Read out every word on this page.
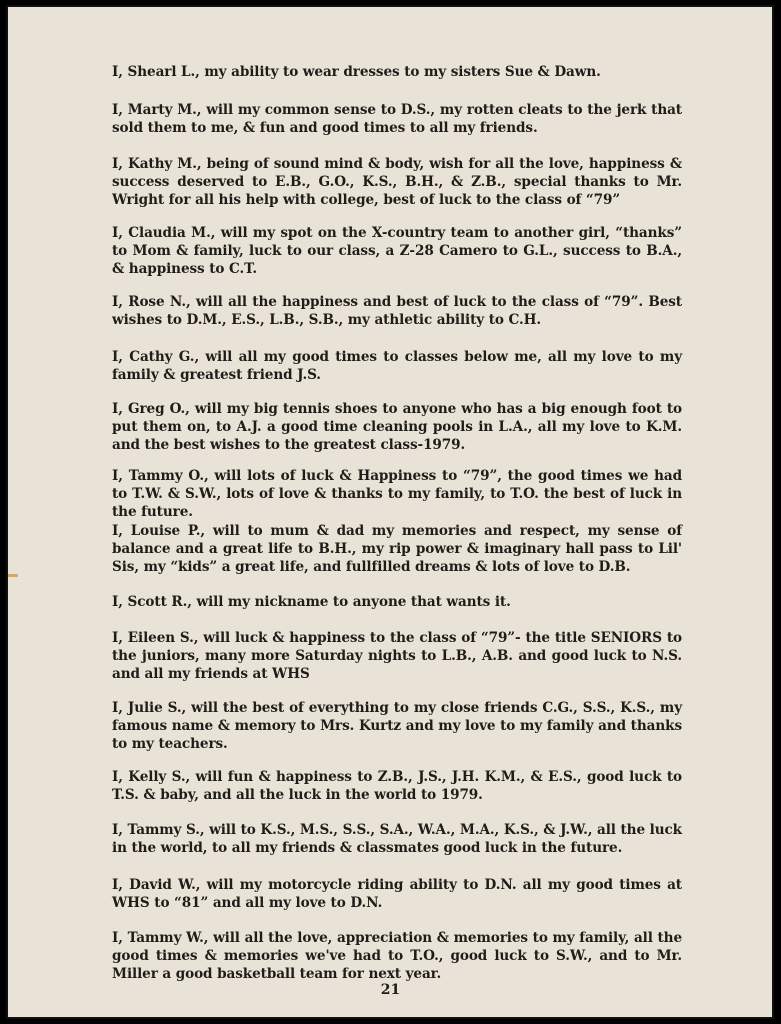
I, Shearl L., my ability to wear dresses to my sisters Sue & Dawn.

I, Marty M., will my common sense to D.S., my rotten cleats to the jerk that sold them to me, & fun and good times to all my friends.

I, Kathy M., being of sound mind & body, wish for all the love, happiness & success deserved to E.B., G.O., K.S., B.H., & Z.B., special thanks to Mr. Wright for all his help with college, best of luck to the class of “79”

I, Claudia M., will my spot on the X-country team to another girl, “thanks” to Mom & family, luck to our class, a Z-28 Camero to G.L., success to B.A., & happiness to C.T.

I, Rose N., will all the happiness and best of luck to the class of “79”. Best wishes to D.M., E.S., L.B., S.B., my athletic ability to C.H.

I, Cathy G., will all my good times to classes below me, all my love to my family & greatest friend J.S.

I, Greg O., will my big tennis shoes to anyone who has a big enough foot to put them on, to A.J. a good time cleaning pools in L.A., all my love to K.M. and the best wishes to the greatest class-1979.

I, Tammy O., will lots of luck & Happiness to “79”, the good times we had to T.W. & S.W., lots of love & thanks to my family, to T.O. the best of luck in the future.

I, Louise P., will to mum & dad my memories and respect, my sense of balance and a great life to B.H., my rip power & imaginary hall pass to Lil' Sis, my “kids” a great life, and fullfilled dreams & lots of love to D.B.

I, Scott R., will my nickname to anyone that wants it.

I, Eileen S., will luck & happiness to the class of “79”- the title SENIORS to the juniors, many more Saturday nights to L.B., A.B. and good luck to N.S. and all my friends at WHS

I, Julie S., will the best of everything to my close friends C.G., S.S., K.S., my famous name & memory to Mrs. Kurtz and my love to my family and thanks to my teachers.

I, Kelly S., will fun & happiness to Z.B., J.S., J.H. K.M., & E.S., good luck to T.S. & baby, and all the luck in the world to 1979.

I, Tammy S., will to K.S., M.S., S.S., S.A., W.A., M.A., K.S., & J.W., all the luck in the world, to all my friends & classmates good luck in the future.

I, David W., will my motorcycle riding ability to D.N. all my good times at WHS to “81” and all my love to D.N.

I, Tammy W., will all the love, appreciation & memories to my family, all the good times & memories we've had to T.O., good luck to S.W., and to Mr. Miller a good basketball team for next year.

21
